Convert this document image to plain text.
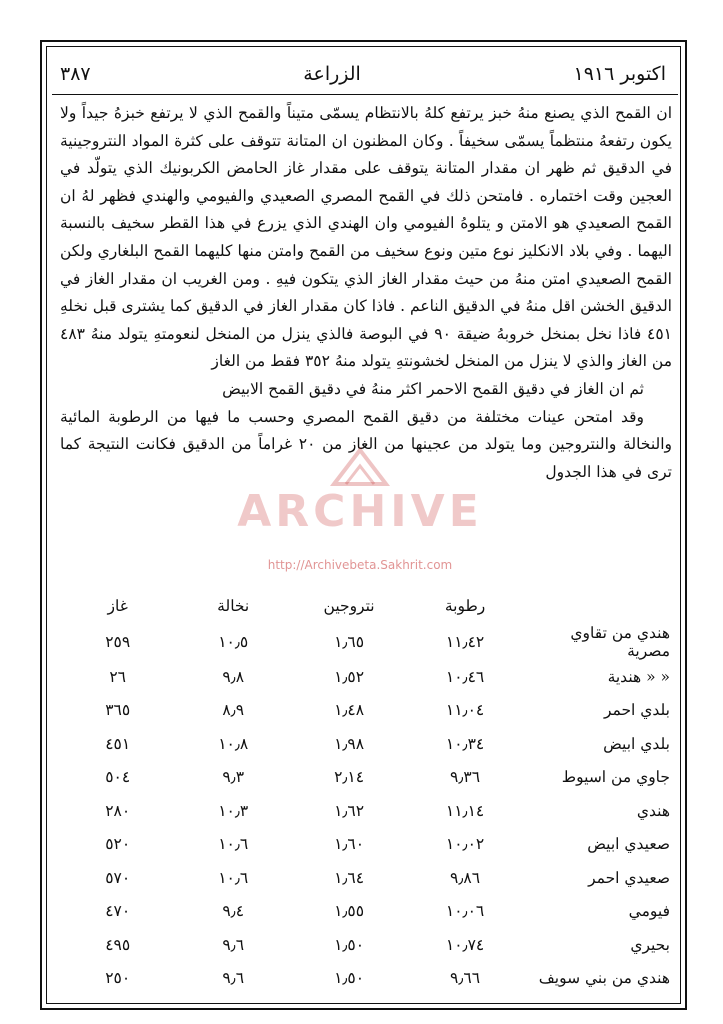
اكتوبر ١٩١٦
الزراعة
٣٨٧

ان القمح الذي يصنع منهُ خبز يرتفع كلهُ بالانتظام يسمّى متيناً والقمح الذي لا يرتفع خبزهُ جيداً ولا يكون رتفعهُ منتظماً يسمّى سخيفاً . وكان المظنون ان المتانة تتوقف على كثرة المواد النتروجينية في الدقيق ثم ظهر ان مقدار المتانة يتوقف على مقدار غاز الحامض الكربونيك الذي يتولّد في العجين وقت اختماره . فامتحن ذلك في القمح المصري الصعيدي والفيومي والهندي فظهر لهُ ان القمح الصعيدي هو الامتن و يتلوهُ الفيومي وان الهندي الذي يزرع في هذا القطر سخيف بالنسبة اليهما . وفي بلاد الانكليز نوع متين ونوع سخيف من القمح وامتن منها كليهما القمح البلغاري ولكن القمح الصعيدي امتن منهُ من حيث مقدار الغاز الذي يتكون فيهِ . ومن الغريب ان مقدار الغاز في الدقيق الخشن اقل منهُ في الدقيق الناعم . فاذا كان مقدار الغاز في الدقيق كما يشترى قبل نخلهِ ٤٥١ فاذا نخل بمنخل خروبهُ ضيقة ٩٠ في البوصة فالذي ينزل من المنخل لنعومتهِ يتولد منهُ ٤٨٣ من الغاز والذي لا ينزل من المنخل لخشونتهِ يتولد منهُ ٣٥٢ فقط من الغاز

ثم ان الغاز في دقيق القمح الاحمر اكثر منهُ في دقيق القمح الابيض

وقد امتحن عينات مختلفة من دقيق القمح المصري وحسب ما فيها من الرطوبة المائية والنخالة والنتروجين وما يتولد من عجينها من الغاز من ٢٠ غراماً من الدقيق فكانت النتيجة كما ترى في هذا الجدول

ARCHIVE
http://Archivebeta.Sakhrit.com
	رطوبة	نتروجين	نخالة	غاز
هندي من تقاوي مصرية	١١٫٤٢	١٫٦٥	١٠٫٥	٢٥٩
« « هندية	١٠٫٤٦	١٫٥٢	٩٫٨	٢٦
بلدي احمر	١١٫٠٤	١٫٤٨	٨٫٩	٣٦٥
بلدي ابيض	١٠٫٣٤	١٫٩٨	١٠٫٨	٤٥١
جاوي من اسيوط	٩٫٣٦	٢٫١٤	٩٫٣	٥٠٤
هندي	١١٫١٤	١٫٦٢	١٠٫٣	٢٨٠
صعيدي ابيض	١٠٫٠٢	١٫٦٠	١٠٫٦	٥٢٠
صعيدي احمر	٩٫٨٦	١٫٦٤	١٠٫٦	٥٧٠
فيومي	١٠٫٠٦	١٫٥٥	٩٫٤	٤٧٠
بحيري	١٠٫٧٤	١٫٥٠	٩٫٦	٤٩٥
هندي من بني سويف	٩٫٦٦	١٫٥٠	٩٫٦	٢٥٠
